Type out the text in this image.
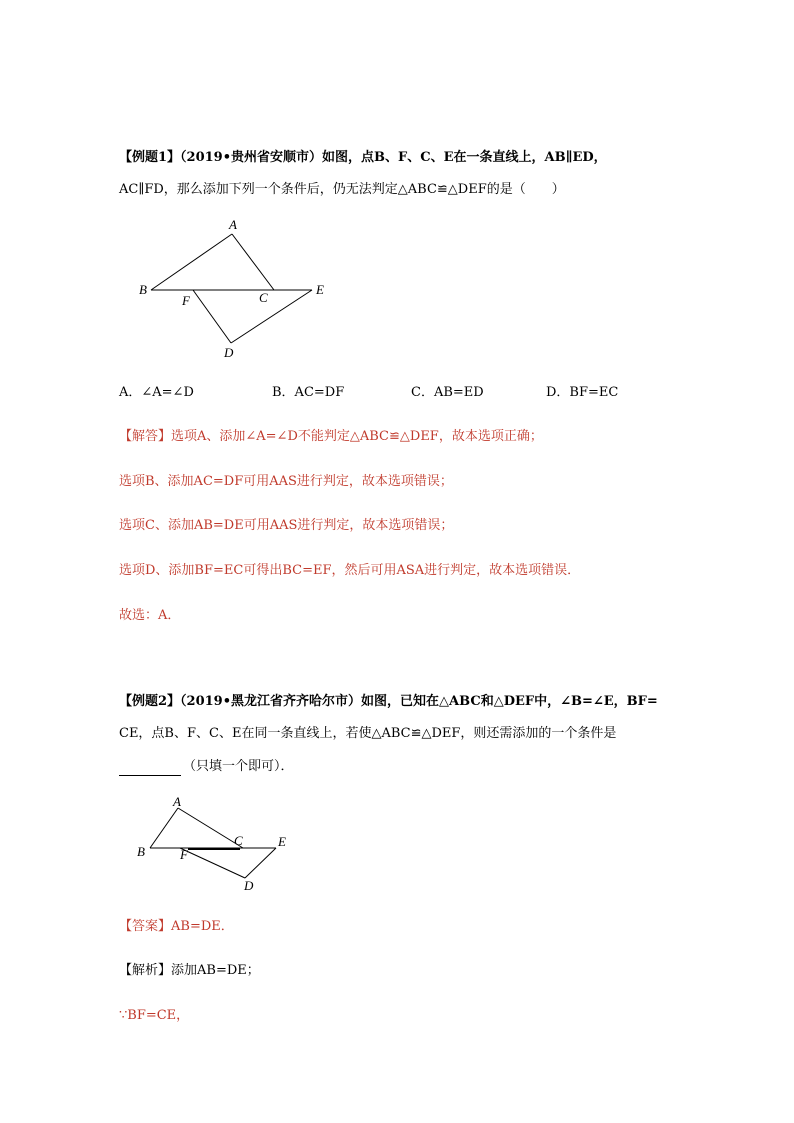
【例题1】（2019•贵州省安顺市）如图，点B、F、C、E在一条直线上，AB∥ED，
AC∥FD，那么添加下列一个条件后，仍无法判定△ABC≌△DEF的是（　　）
A
B
F	C
E
D
A．∠A=∠D	B．AC=DF	C．AB=ED	D．BF=EC
【解答】选项A、添加∠A=∠D不能判定△ABC≌△DEF，故本选项正确；
选项B、添加AC=DF可用AAS进行判定，故本选项错误；
选项C、添加AB=DE可用AAS进行判定，故本选项错误；
选项D、添加BF=EC可得出BC=EF，然后可用ASA进行判定，故本选项错误．
故选：A．
【例题2】（2019•黑龙江省齐齐哈尔市）如图，已知在△ABC和△DEF中，∠B=∠E，BF=
CE，点B、F、C、E在同一条直线上，若使△ABC≌△DEF，则还需添加的一个条件是
（只填一个即可）．
A
B	F
C	E
D
【答案】AB=DE．
【解析】添加AB=DE；
∵BF=CE，
